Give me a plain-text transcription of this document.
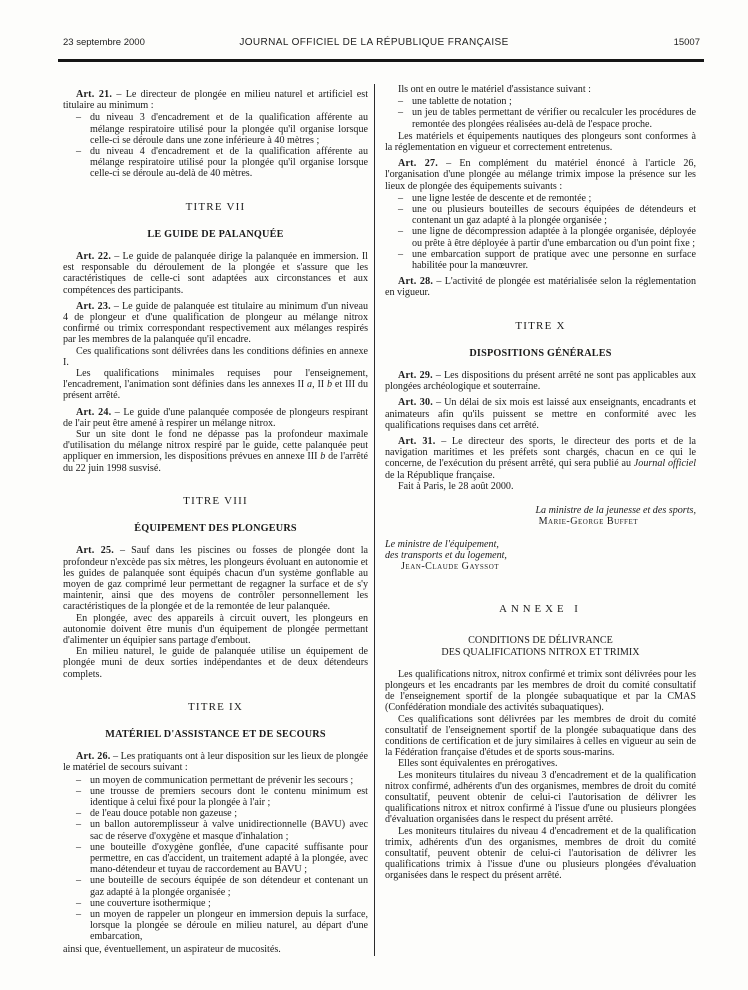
23 septembre 2000	JOURNAL OFFICIEL DE LA RÉPUBLIQUE FRANÇAISE	15007

Art. 21. – Le directeur de plongée en milieu naturel et artificiel est titulaire au minimum :

– du niveau 3 d'encadrement et de la qualification afférente au mélange respiratoire utilisé pour la plongée qu'il organise lorsque celle-ci se déroule dans une zone inférieure à 40 mètres ;
– du niveau 4 d'encadrement et de la qualification afférente au mélange respiratoire utilisé pour la plongée qu'il organise lorsque celle-ci se déroule au-delà de 40 mètres.
TITRE VII
LE GUIDE DE PALANQUÉE

Art. 22. – Le guide de palanquée dirige la palanquée en immersion. Il est responsable du déroulement de la plongée et s'assure que les caractéristiques de celle-ci sont adaptées aux circonstances et aux compétences des participants.

Art. 23. – Le guide de palanquée est titulaire au minimum d'un niveau 4 de plongeur et d'une qualification de plongeur au mélange nitrox confirmé ou trimix correspondant respectivement aux mélanges respirés par les membres de la palanquée qu'il encadre.

Ces qualifications sont délivrées dans les conditions définies en annexe I.

Les qualifications minimales requises pour l'enseignement, l'encadrement, l'animation sont définies dans les annexes II a, II b et III du présent arrêté.

Art. 24. – Le guide d'une palanquée composée de plongeurs respirant de l'air peut être amené à respirer un mélange nitrox.

Sur un site dont le fond ne dépasse pas la profondeur maximale d'utilisation du mélange nitrox respiré par le guide, cette palanquée peut appliquer en immersion, les dispositions prévues en annexe III b de l'arrêté du 22 juin 1998 susvisé.

TITRE VIII
ÉQUIPEMENT DES PLONGEURS

Art. 25. – Sauf dans les piscines ou fosses de plongée dont la profondeur n'excède pas six mètres, les plongeurs évoluant en autonomie et les guides de palanquée sont équipés chacun d'un système gonflable au moyen de gaz comprimé leur permettant de regagner la surface et de s'y maintenir, ainsi que des moyens de contrôler personnellement les caractéristiques de la plongée et de la remontée de leur palanquée.

En plongée, avec des appareils à circuit ouvert, les plongeurs en autonomie doivent être munis d'un équipement de plongée permettant d'alimenter un équipier sans partage d'embout.

En milieu naturel, le guide de palanquée utilise un équipement de plongée muni de deux sorties indépendantes et de deux détendeurs complets.

TITRE IX
MATÉRIEL D'ASSISTANCE ET DE SECOURS

Art. 26. – Les pratiquants ont à leur disposition sur les lieux de plongée le matériel de secours suivant :

– un moyen de communication permettant de prévenir les secours ;
– une trousse de premiers secours dont le contenu minimum est identique à celui fixé pour la plongée à l'air ;
– de l'eau douce potable non gazeuse ;
– un ballon autoremplisseur à valve unidirectionnelle (BAVU) avec sac de réserve d'oxygène et masque d'inhalation ;
– une bouteille d'oxygène gonflée, d'une capacité suffisante pour permettre, en cas d'accident, un traitement adapté à la plongée, avec mano-détendeur et tuyau de raccordement au BAVU ;
– une bouteille de secours équipée de son détendeur et contenant un gaz adapté à la plongée organisée ;
– une couverture isothermique ;
– un moyen de rappeler un plongeur en immersion depuis la surface, lorsque la plongée se déroule en milieu naturel, au départ d'une embarcation,

ainsi que, éventuellement, un aspirateur de mucosités.

Ils ont en outre le matériel d'assistance suivant :

– une tablette de notation ;
– un jeu de tables permettant de vérifier ou recalculer les procédures de remontée des plongées réalisées au-delà de l'espace proche.

Les matériels et équipements nautiques des plongeurs sont conformes à la réglementation en vigueur et correctement entretenus.

Art. 27. – En complément du matériel énoncé à l'article 26, l'organisation d'une plongée au mélange trimix impose la présence sur les lieux de plongée des équipements suivants :

– une ligne lestée de descente et de remontée ;
– une ou plusieurs bouteilles de secours équipées de détendeurs et contenant un gaz adapté à la plongée organisée ;
– une ligne de décompression adaptée à la plongée organisée, déployée ou prête à être déployée à partir d'une embarcation ou d'un point fixe ;
– une embarcation support de pratique avec une personne en surface habilitée pour la manœuvrer.

Art. 28. – L'activité de plongée est matérialisée selon la réglementation en vigueur.

TITRE X
DISPOSITIONS GÉNÉRALES

Art. 29. – Les dispositions du présent arrêté ne sont pas applicables aux plongées archéologique et souterraine.

Art. 30. – Un délai de six mois est laissé aux enseignants, encadrants et animateurs afin qu'ils puissent se mettre en conformité avec les qualifications requises dans cet arrêté.

Art. 31. – Le directeur des sports, le directeur des ports et de la navigation maritimes et les préfets sont chargés, chacun en ce qui le concerne, de l'exécution du présent arrêté, qui sera publié au Journal officiel de la République française.

Fait à Paris, le 28 août 2000.

La ministre de la jeunesse et des sports,
Marie-George Buffet
Le ministre de l'équipement,
des transports et du logement,
Jean-Claude Gayssot
ANNEXE I
CONDITIONS DE DÉLIVRANCE
DES QUALIFICATIONS NITROX ET TRIMIX

Les qualifications nitrox, nitrox confirmé et trimix sont délivrées pour les plongeurs et les encadrants par les membres de droit du comité consultatif de l'enseignement sportif de la plongée subaquatique et par la CMAS (Confédération mondiale des activités subaquatiques).

Ces qualifications sont délivrées par les membres de droit du comité consultatif de l'enseignement sportif de la plongée subaquatique dans des conditions de certification et de jury similaires à celles en vigueur au sein de la Fédération française d'études et de sports sous-marins.

Elles sont équivalentes en prérogatives.

Les moniteurs titulaires du niveau 3 d'encadrement et de la qualification nitrox confirmé, adhérents d'un des organismes, membres de droit du comité consultatif, peuvent obtenir de celui-ci l'autorisation de délivrer les qualifications nitrox et nitrox confirmé à l'issue d'une ou plusieurs plongées d'évaluation organisées dans le respect du présent arrêté.

Les moniteurs titulaires du niveau 4 d'encadrement et de la qualification trimix, adhérents d'un des organismes, membres de droit du comité consultatif, peuvent obtenir de celui-ci l'autorisation de délivrer les qualifications trimix à l'issue d'une ou plusieurs plongées d'évaluation organisées dans le respect du présent arrêté.
